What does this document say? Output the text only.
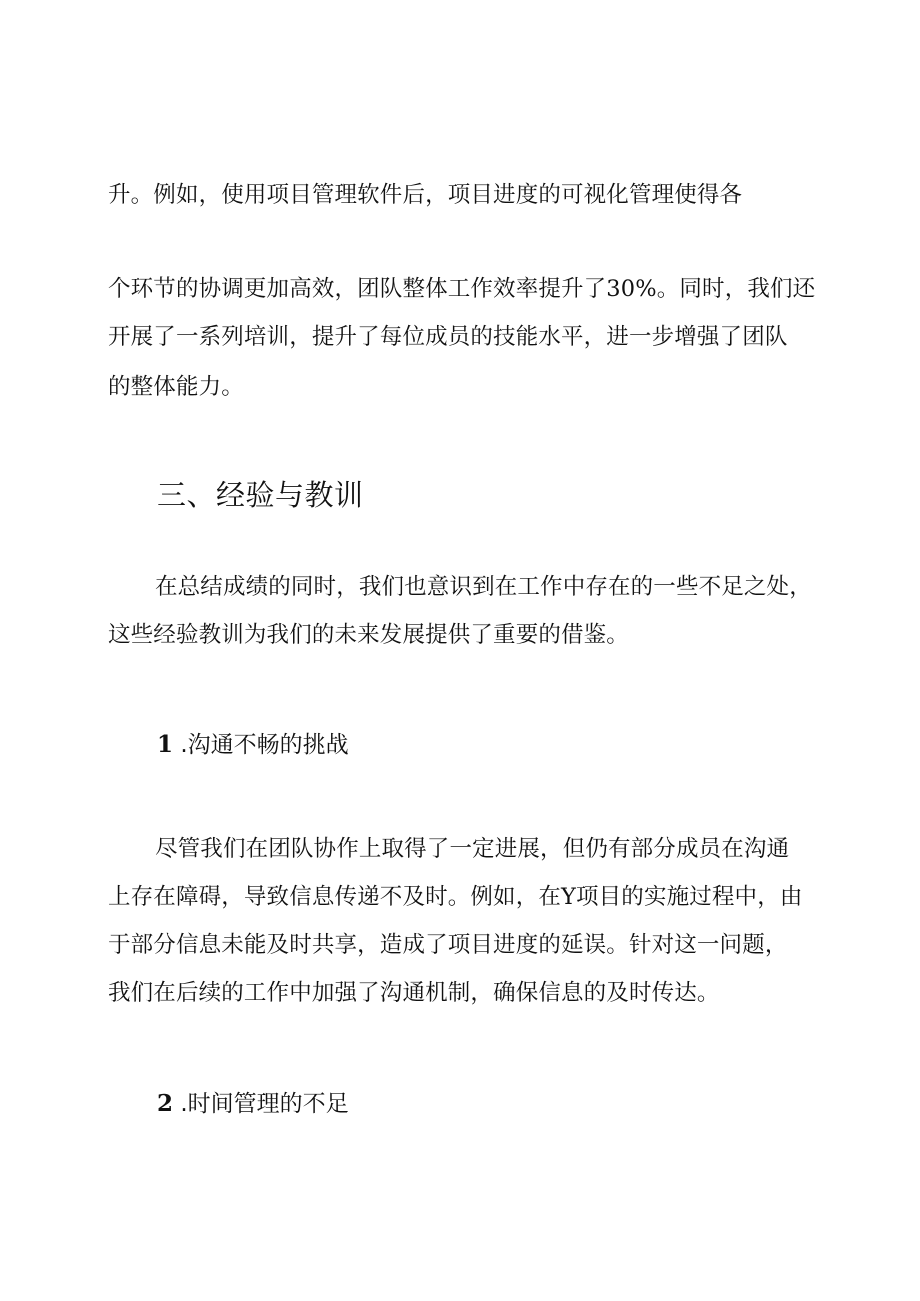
升。例如，使用项目管理软件后，项目进度的可视化管理使得各
个环节的协调更加高效，团队整体工作效率提升了30%。同时，我们还
开展了一系列培训，提升了每位成员的技能水平，进一步增强了团队
的整体能力。
三、经验与教训
在总结成绩的同时，我们也意识到在工作中存在的一些不足之处，
这些经验教训为我们的未来发展提供了重要的借鉴。
1 .沟通不畅的挑战
尽管我们在团队协作上取得了一定进展，但仍有部分成员在沟通
上存在障碍，导致信息传递不及时。例如，在Y项目的实施过程中，由
于部分信息未能及时共享，造成了项目进度的延误。针对这一问题，
我们在后续的工作中加强了沟通机制，确保信息的及时传达。
2 .时间管理的不足
